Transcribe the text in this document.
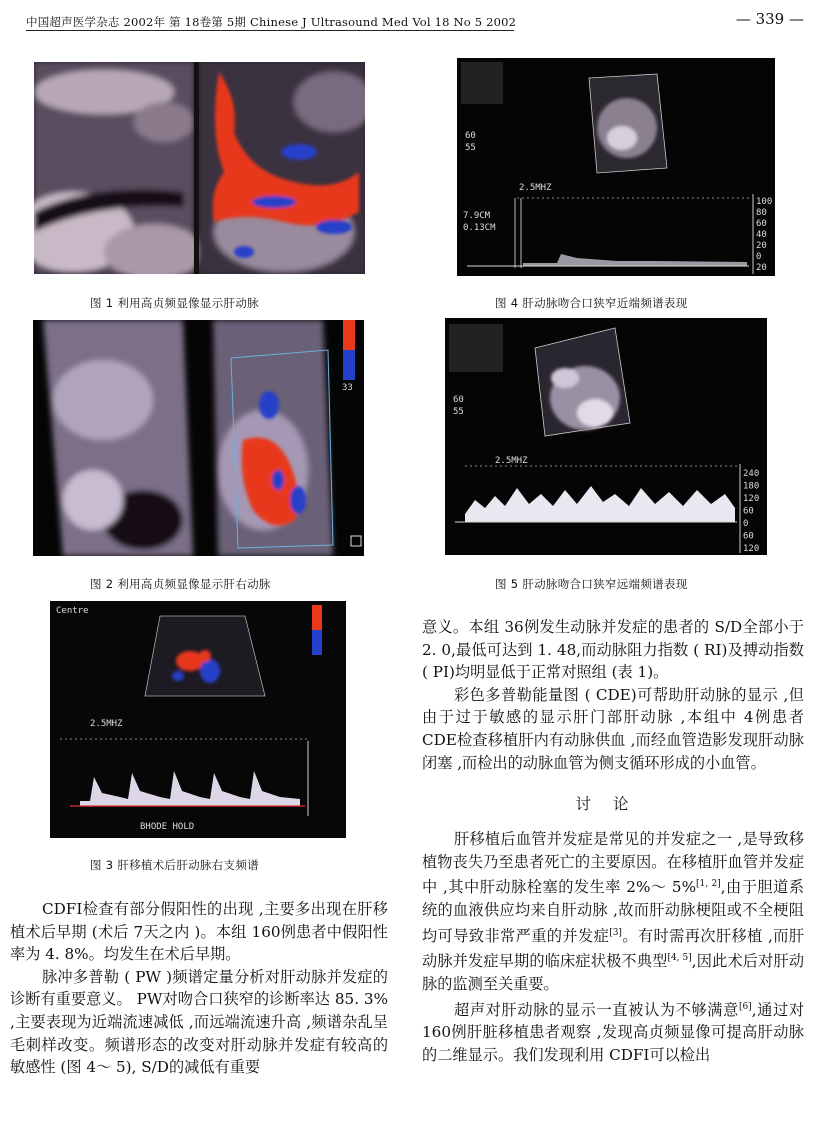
中国超声医学杂志 2002年 第 18卷第 5期 Chinese J Ultrasound Med Vol 18 No 5 2002	— 339 —
图 1 利用高贞频显像显示肝动脉
33
图 2 利用高贞频显像显示肝右动脉
Centre
2.5MHZ
BHODE HOLD
图 3 肝移植术后肝动脉右支频谱
60
55
2.5MHZ
100
80
60
40
20
0
20
7.9CM
0.13CM
图 4 肝动脉吻合口狭窄近端频谱表现
60
55
2.5MHZ
240
180
120
60
0
60
120
图 5 肝动脉吻合口狭窄远端频谱表现

CDFI检查有部分假阳性的出现 ,主要多出现在肝移植术后早期 (术后 7天之内 )。本组 160例患者中假阳性率为 4. 8%。均发生在术后早期。

脉冲多普勒 ( PW )频谱定量分析对肝动脉并发症的诊断有重要意义。 PW对吻合口狭窄的诊断率达 85. 3% ,主要表现为近端流速减低 ,而远端流速升高 ,频谱杂乱呈毛刺样改变。频谱形态的改变对肝动脉并发症有较高的敏感性 (图 4～ 5), S/D的减低有重要

意义。本组 36例发生动脉并发症的患者的 S/D全部小于 2. 0,最低可达到 1. 48,而动脉阻力指数 ( RI)及搏动指数 ( PI)均明显低于正常对照组 (表 1)。

彩色多普勒能量图 ( CDE)可帮助肝动脉的显示 ,但由于过于敏感的显示肝门部肝动脉 ,本组中 4例患者 CDE检查移植肝内有动脉供血 ,而经血管造影发现肝动脉闭塞 ,而检出的动脉血管为侧支循环形成的小血管。

讨论

肝移植后血管并发症是常见的并发症之一 ,是导致移植物丧失乃至患者死亡的主要原因。在移植肝血管并发症中 ,其中肝动脉栓塞的发生率 2%～ 5%[1, 2],由于胆道系统的血液供应均来自肝动脉 ,故而肝动脉梗阻或不全梗阻均可导致非常严重的并发症[3]。有时需再次肝移植 ,而肝动脉并发症早期的临床症状极不典型[4, 5],因此术后对肝动脉的监测至关重要。

超声对肝动脉的显示一直被认为不够满意[6],通过对 160例肝脏移植患者观察 ,发现高贞频显像可提高肝动脉的二维显示。我们发现利用 CDFI可以检出
